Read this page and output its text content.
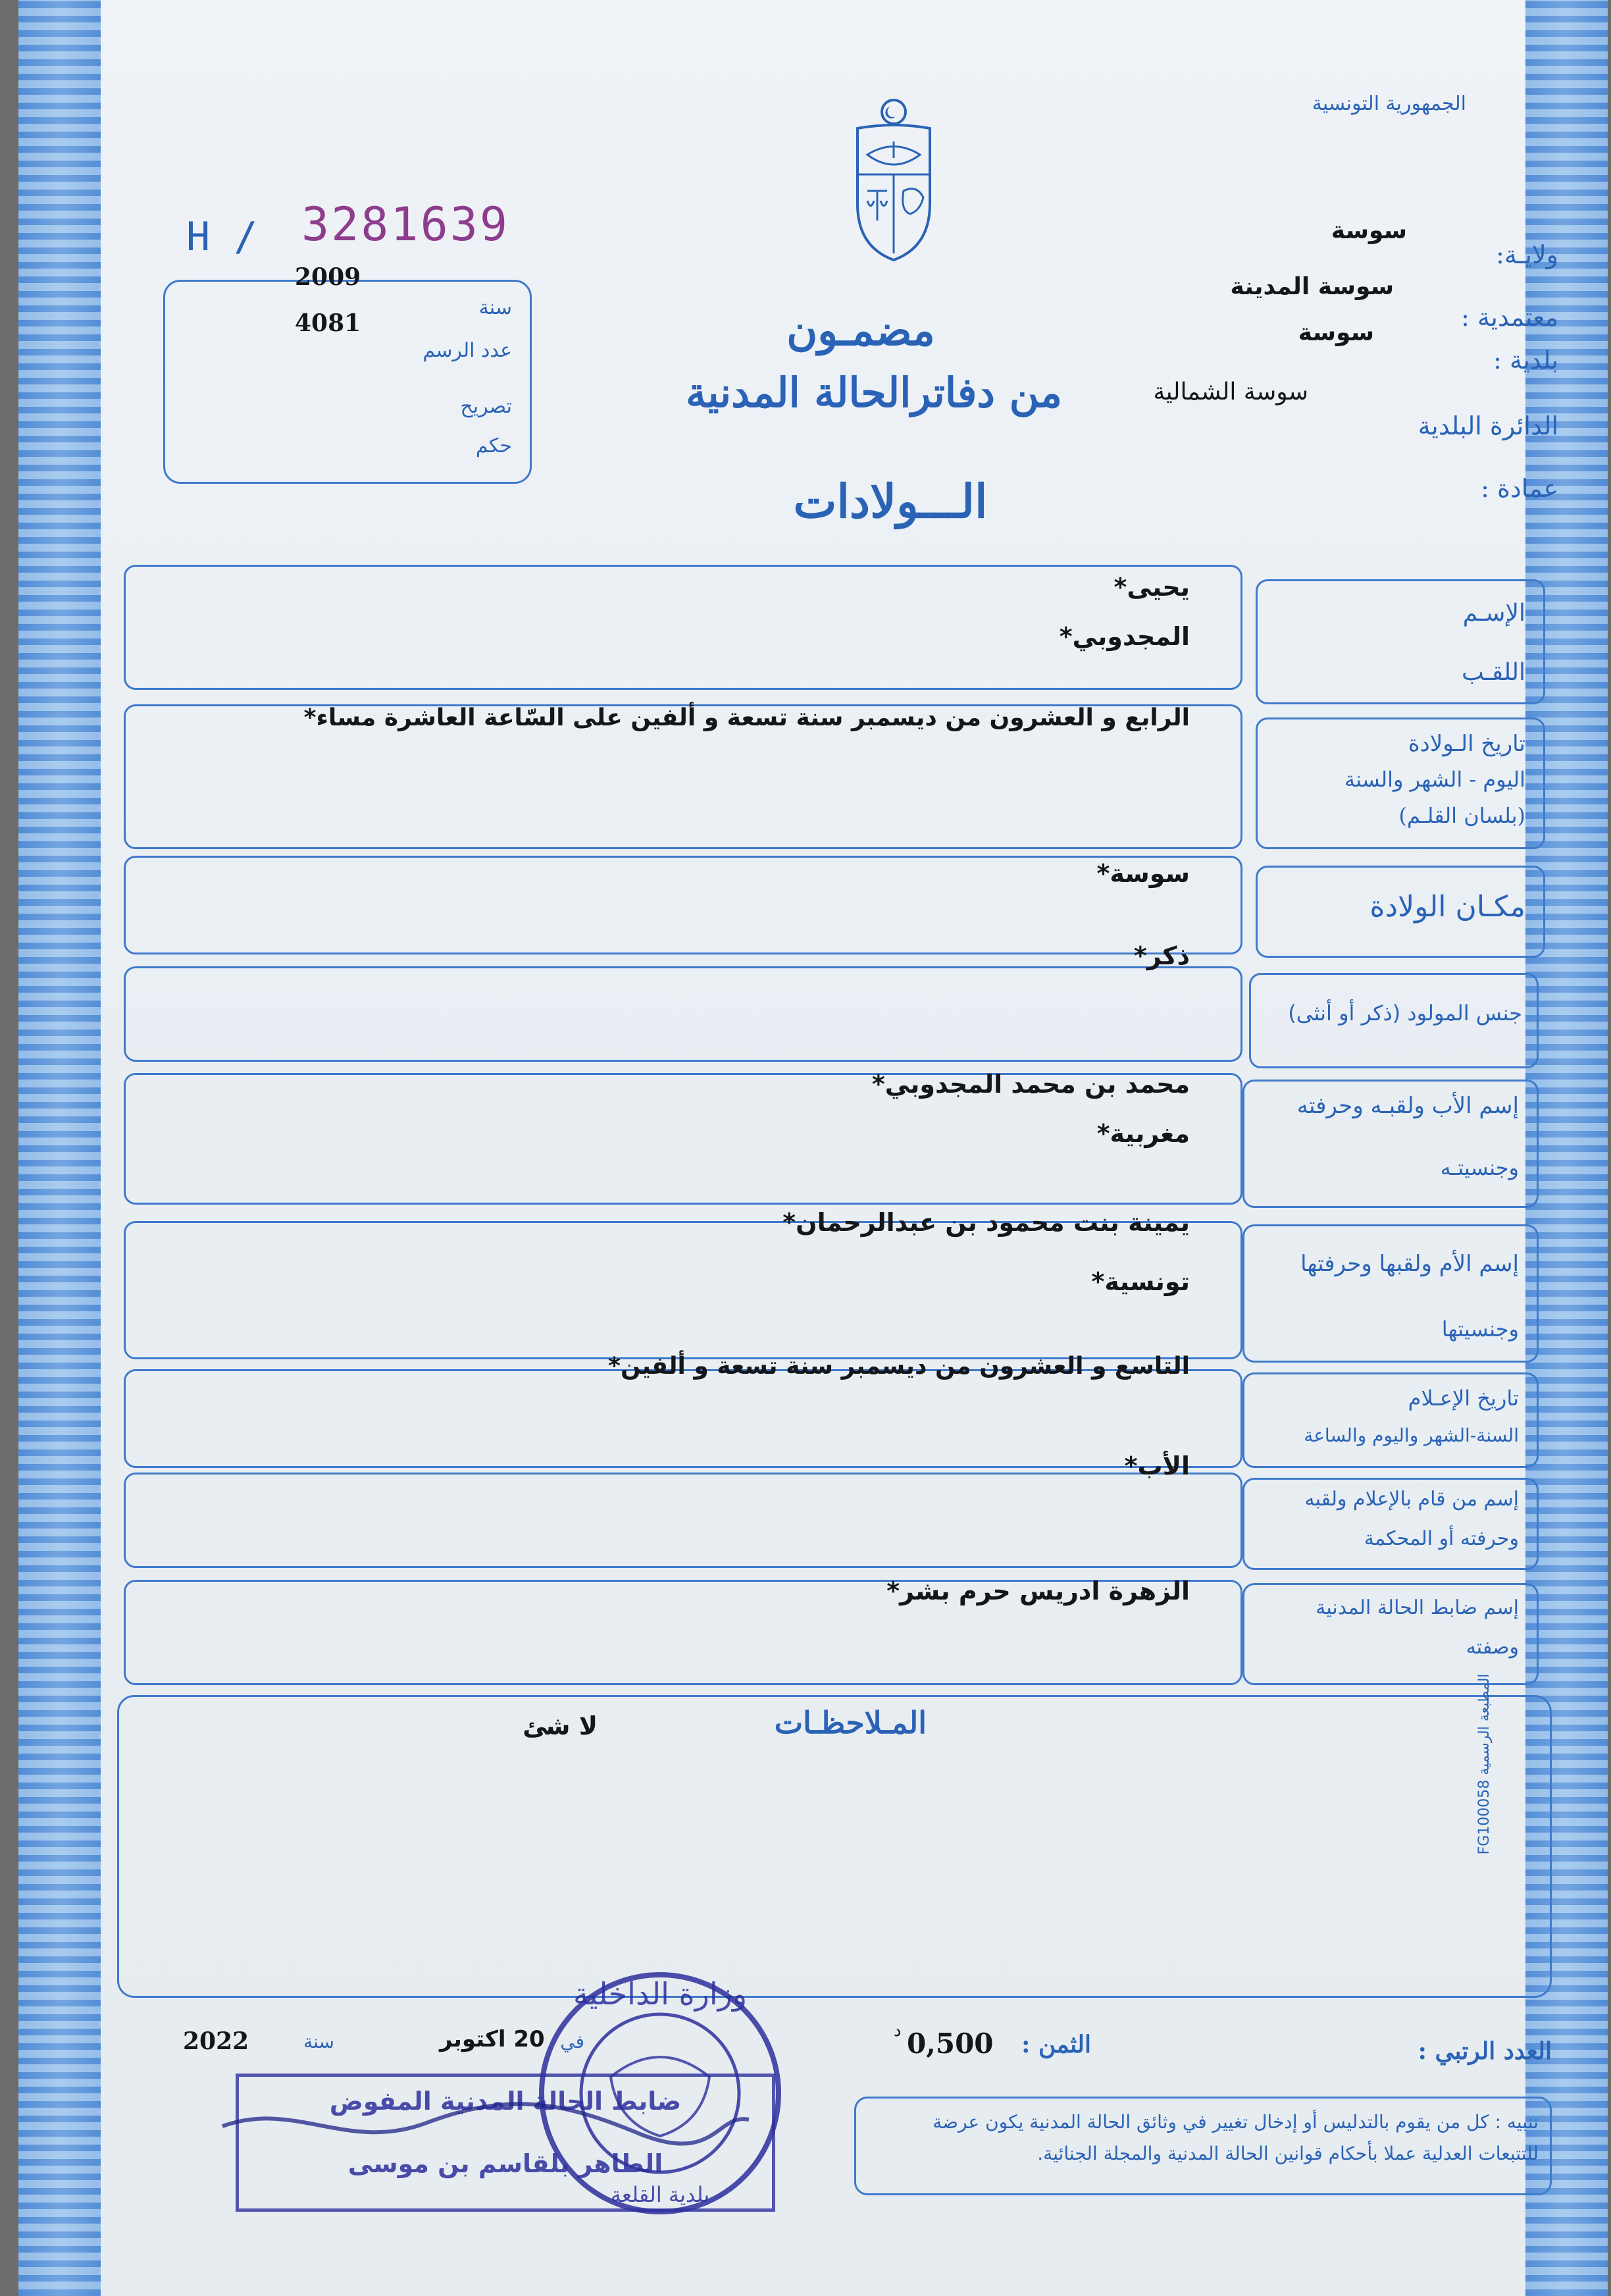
الجمهورية التونسية
ولايـة:
سوسة
معتمدية :
سوسة المدينة
بلدية :
سوسة
الدائرة البلدية
سوسة الشمالية
عمادة :
H / 3281639
2009
سنة
4081
عدد الرسم
تصريح
حكم
مضمـون
من دفاترالحالة المدنية
الـــولادات
الإسـم
اللقـب
يحيى*
المجدوبي*
تاريخ الـولادة
اليوم - الشهر والسنة
(بلسان القلـم)
الرابع و العشرون من ديسمبر سنة تسعة و ألفين على السّاعة العاشرة مساء*
مكـان الولادة
سوسة*
جنس المولود (ذكر أو أنثى)
ذكر*
إسم الأب ولقبـه وحرفته
وجنسيتـه
محمد بن محمد المجدوبي*
مغربية*
إسم الأم ولقبها وحرفتها
وجنسيتها
يمينة بنت محمود بن عبدالرحمان*
تونسية*
تاريخ الإعـلام
السنة-الشهر واليوم والساعة
التاسع و العشرون من ديسمبر سنة تسعة و ألفين*
إسم من قام بالإعلام ولقبه
وحرفته أو المحكمة
الأب*
إسم ضابط الحالة المدنية
وصفته
الزهرة ادريس حرم بشر*
المـلاحظـات
لا شئ
المطبعة الرسمية FG100058
العدد الرتبي :
الثمن :
0,500
د
في
20 اكتوبر
سنة
2022
تنبيه : كل من يقوم بالتدليس أو إدخال تغيير في وثائق الحالة المدنية يكون عرضة للتتبعات العدلية عملا بأحكام قوانين الحالة المدنية والمجلة الجنائية.
وزارة الداخلية
بلدية القلعة
ضابط الحالة المدنية المفوض
الطاهر بلقاسم بن موسى
